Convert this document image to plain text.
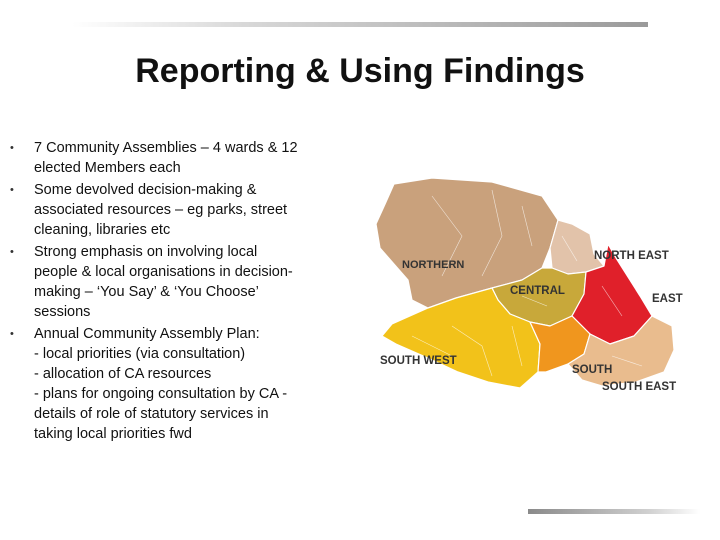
Reporting & Using Findings
• 7 Community Assemblies – 4 wards & 12 elected Members each
• Some devolved decision-making & associated resources – eg parks, street cleaning, libraries etc
• Strong emphasis on involving local people & local organisations in decision-making – ‘You Say’ & ‘You Choose’ sessions
• Annual Community Assembly Plan:
- local priorities (via consultation)
- allocation of CA resources
- plans for ongoing consultation by CA - details of role of statutory services in taking local priorities fwd
NORTHERN
NORTH EAST
CENTRAL
EAST
SOUTH WEST
SOUTH
SOUTH EAST
